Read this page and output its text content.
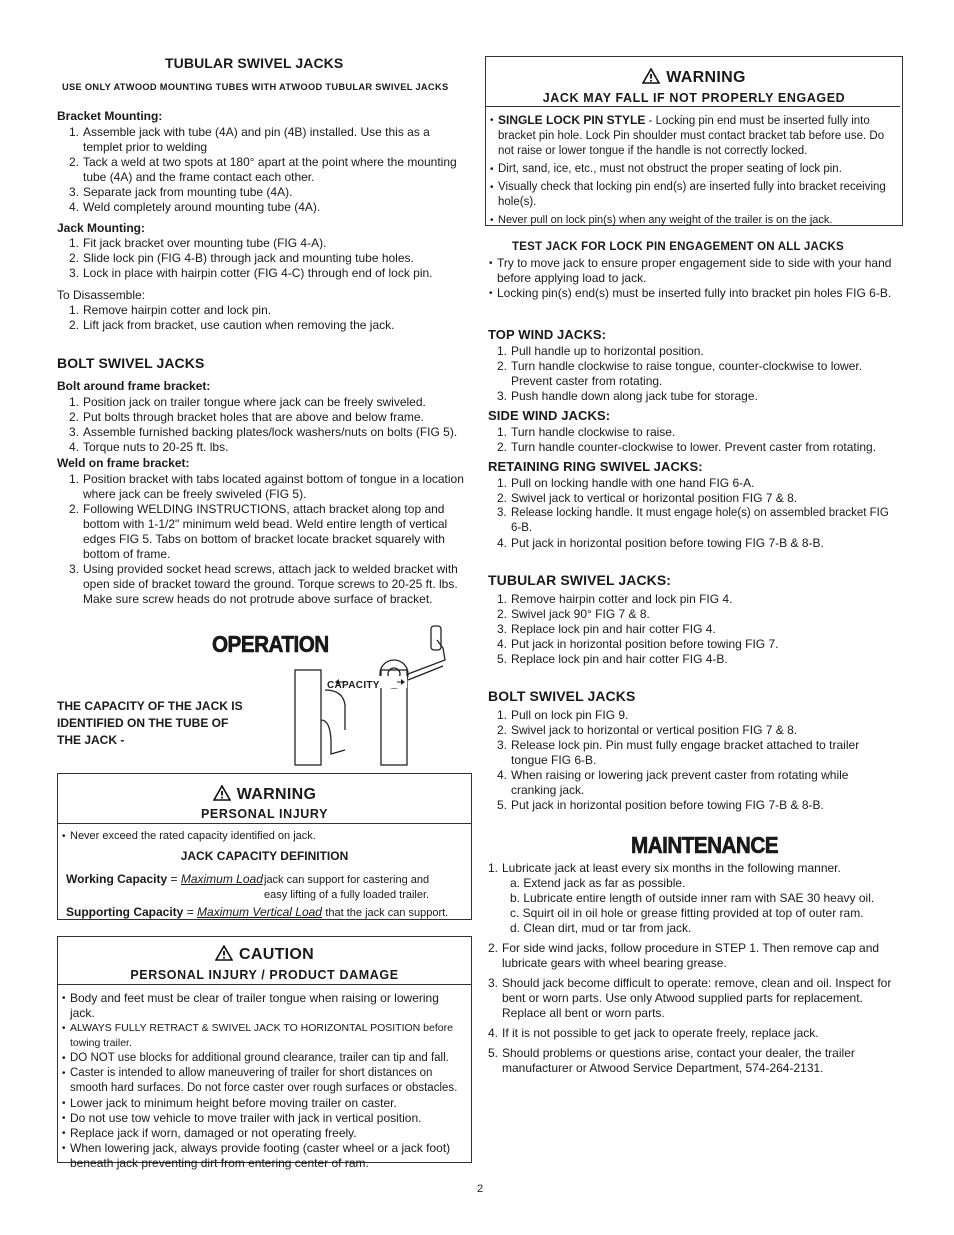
TUBULAR SWIVEL JACKS
USE ONLY ATWOOD MOUNTING TUBES WITH ATWOOD TUBULAR SWIVEL JACKS
Bracket Mounting:
1. Assemble jack with tube (4A) and pin (4B) installed. Use this as a templet prior to welding
2. Tack a weld at two spots at 180° apart at the point where the mounting tube (4A) and the frame contact each other.
3. Separate jack from mounting tube (4A).
4. Weld completely around mounting tube (4A).
Jack Mounting:
1. Fit jack bracket over mounting tube (FIG 4-A).
2. Slide lock pin (FIG 4-B) through jack and mounting tube holes.
3. Lock in place with hairpin cotter (FIG 4-C) through end of lock pin.
To Disassemble:
1. Remove hairpin cotter and lock pin.
2. Lift jack from bracket, use caution when removing the jack.
BOLT SWIVEL JACKS
Bolt around frame bracket:
1. Position jack on trailer tongue where jack can be freely swiveled.
2. Put bolts through bracket holes that are above and below frame.
3. Assemble furnished backing plates/lock washers/nuts on bolts (FIG 5).
4. Torque nuts to 20-25 ft. lbs.
Weld on frame bracket:
1. Position bracket with tabs located against bottom of tongue in a location where jack can be freely swiveled (FIG 5).
2. Following WELDING INSTRUCTIONS, attach bracket along top and bottom with 1-1/2" minimum weld bead. Weld entire length of vertical edges FIG 5. Tabs on bottom of bracket locate bracket squarely with bottom of frame.
3. Using provided socket head screws, attach jack to welded bracket with open side of bracket toward the ground. Torque screws to 20-25 ft. lbs. Make sure screw heads do not protrude above surface of bracket.
OPERATION
CAPACITY
THE CAPACITY OF THE JACK IS IDENTIFIED ON THE TUBE OF THE JACK -
WARNING
PERSONAL INJURY
• Never exceed the rated capacity identified on jack.
JACK CAPACITY DEFINITION
Working Capacity = Maximum Load jack can support for castering and
easy lifting of a fully loaded trailer.
Supporting Capacity = Maximum Vertical Load that the jack can support.
CAUTION
PERSONAL INJURY / PRODUCT DAMAGE
• Body and feet must be clear of trailer tongue when raising or lowering jack.
• ALWAYS FULLY RETRACT & SWIVEL JACK TO HORIZONTAL POSITION before towing trailer.
• DO NOT use blocks for additional ground clearance, trailer can tip and fall.
• Caster is intended to allow maneuvering of trailer for short distances on smooth hard surfaces. Do not force caster over rough surfaces or obstacles.
• Lower jack to minimum height before moving trailer on caster.
• Do not use tow vehicle to move trailer with jack in vertical position.
• Replace jack if worn, damaged or not operating freely.
• When lowering jack, always provide footing (caster wheel or a jack foot) beneath jack preventing dirt from entering center of ram.
WARNING
JACK MAY FALL IF NOT PROPERLY ENGAGED
• SINGLE LOCK PIN STYLE - Locking pin end must be inserted fully into bracket pin hole. Lock Pin shoulder must contact bracket tab before use. Do not raise or lower tongue if the handle is not correctly locked.
• Dirt, sand, ice, etc., must not obstruct the proper seating of lock pin.
• Visually check that locking pin end(s) are inserted fully into bracket receiving hole(s).
• Never pull on lock pin(s) when any weight of the trailer is on the jack.
TEST JACK FOR LOCK PIN ENGAGEMENT ON ALL JACKS
• Try to move jack to ensure proper engagement side to side with your hand before applying load to jack.
• Locking pin(s) end(s) must be inserted fully into bracket pin holes FIG 6-B.
TOP WIND JACKS:
1. Pull handle up to horizontal position.
2. Turn handle clockwise to raise tongue, counter-clockwise to lower. Prevent caster from rotating.
3. Push handle down along jack tube for storage.
SIDE WIND JACKS:
1. Turn handle clockwise to raise.
2. Turn handle counter-clockwise to lower. Prevent caster from rotating.
RETAINING RING SWIVEL JACKS:
1. Pull on locking handle with one hand FIG 6-A.
2. Swivel jack to vertical or horizontal position FIG 7 & 8.
3. Release locking handle. It must engage hole(s) on assembled bracket FIG 6-B.
4. Put jack in horizontal position before towing FIG 7-B & 8-B.
TUBULAR SWIVEL JACKS:
1. Remove hairpin cotter and lock pin FIG 4.
2. Swivel jack 90° FIG 7 & 8.
3. Replace lock pin and hair cotter FIG 4.
4. Put jack in horizontal position before towing FIG 7.
5. Replace lock pin and hair cotter FIG 4-B.
BOLT SWIVEL JACKS
1. Pull on lock pin FIG 9.
2. Swivel jack to horizontal or vertical position FIG 7 & 8.
3. Release lock pin. Pin must fully engage bracket attached to trailer tongue FIG 6-B.
4. When raising or lowering jack prevent caster from rotating while cranking jack.
5. Put jack in horizontal position before towing FIG 7-B & 8-B.
MAINTENANCE
1. Lubricate jack at least every six months in the following manner.
a. Extend jack as far as possible.
b. Lubricate entire length of outside inner ram with SAE 30 heavy oil.
c. Squirt oil in oil hole or grease fitting provided at top of outer ram.
d. Clean dirt, mud or tar from jack.
2. For side wind jacks, follow procedure in STEP 1. Then remove cap and lubricate gears with wheel bearing grease.
3. Should jack become difficult to operate: remove, clean and oil. Inspect for bent or worn parts. Use only Atwood supplied parts for replacement. Replace all bent or worn parts.
4. If it is not possible to get jack to operate freely, replace jack.
5. Should problems or questions arise, contact your dealer, the trailer manufacturer or Atwood Service Department, 574-264-2131.
2
